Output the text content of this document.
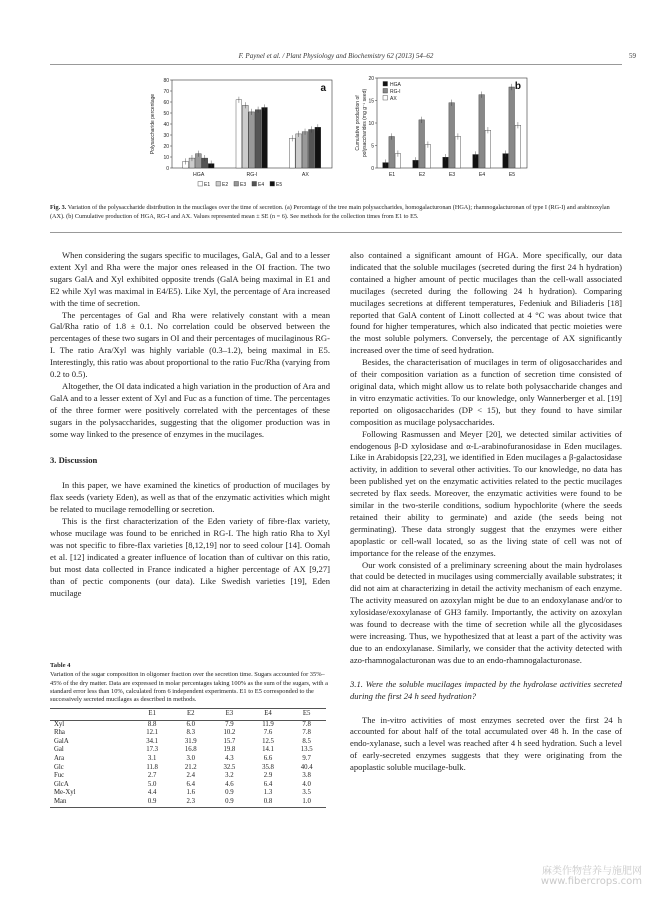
F. Paynel et al. / Plant Physiology and Biochemistry 62 (2013) 54–62	59
0
10
20
30
40
50
60
70
80
Polysaccharide percentage
HGA	RG-I	AX
a
E1 E2 E3 E4 E5
0
5
10
15
20
Cumulative production of polysaccharides (mg g⁻¹ seed)
E1	E2	E3	E4	E5
b
HGA
RG-I
AX
Fig. 3. Variation of the polysaccharide distribution in the mucilages over the time of secretion. (a) Percentage of the tree main polysaccharides, homogalacturonan (HGA); rhamnogalacturonan of type I (RG-I) and arabinoxylan (AX). (b) Cumulative production of HGA, RG-I and AX. Values represented mean ± SE (n = 6). See methods for the collection times from E1 to E5.

When considering the sugars specific to mucilages, GalA, Gal and to a lesser extent Xyl and Rha were the major ones released in the OI fraction. The two sugars GalA and Xyl exhibited opposite trends (GalA being maximal in E1 and E2 while Xyl was maximal in E4/E5). Like Xyl, the percentage of Ara increased with the time of secretion.

The percentages of Gal and Rha were relatively constant with a mean Gal/Rha ratio of 1.8 ± 0.1. No correlation could be observed between the percentages of these two sugars in OI and their percentages of mucilaginous RG-I. The ratio Ara/Xyl was highly variable (0.3–1.2), being maximal in E5. Interestingly, this ratio was about proportional to the ratio Fuc/Rha (varying from 0.2 to 0.5).

Altogether, the OI data indicated a high variation in the production of Ara and GalA and to a lesser extent of Xyl and Fuc as a function of time. The percentages of the three former were positively correlated with the percentages of these sugars in the polysaccharides, suggesting that the oligomer production was in some way linked to the presence of enzymes in the mucilages.

3. Discussion

In this paper, we have examined the kinetics of production of mucilages by flax seeds (variety Eden), as well as that of the enzymatic activities which might be related to mucilage remodelling or secretion.

This is the first characterization of the Eden variety of fibre-flax variety, whose mucilage was found to be enriched in RG-I. The high ratio Rha to Xyl was not specific to fibre-flax varieties [8,12,19] nor to seed colour [14]. Oomah et al. [12] indicated a greater influence of location than of cultivar on this ratio, but most data collected in France indicated a higher percentage of AX [9,27] than of pectic components (our data). Like Swedish varieties [19], Eden mucilage

Table 4
Variation of the sugar composition in oligomer fraction over the secretion time. Sugars accounted for 35%–45% of the dry matter. Data are expressed in molar percentages taking 100% as the sum of the sugars, with a standard error less than 10%, calculated from 6 independent experiments. E1 to E5 corresponded to the successively secreted mucilages as described in methods.
	E1	E2	E3	E4	E5
Xyl	8.8	6.0	7.9	11.9	7.8
Rha	12.1	8.3	10.2	7.6	7.8
GalA	34.1	31.9	15.7	12.5	8.5
Gal	17.3	16.8	19.8	14.1	13.5
Ara	3.1	3.0	4.3	6.6	9.7
Glc	11.8	21.2	32.5	35.8	40.4
Fuc	2.7	2.4	3.2	2.9	3.8
GlcA	5.0	6.4	4.6	6.4	4.0
Me-Xyl	4.4	1.6	0.9	1.3	3.5
Man	0.9	2.3	0.9	0.8	1.0

also contained a significant amount of HGA. More specifically, our data indicated that the soluble mucilages (secreted during the first 24 h hydration) contained a higher amount of pectic mucilages than the cell-wall associated mucilages (secreted during the following 24 h hydration). Comparing mucilages secretions at different temperatures, Fedeniuk and Biliaderis [18] reported that GalA content of Linott collected at 4 °C was about twice that found for higher temperatures, which also indicated that pectic moieties were the most soluble polymers. Conversely, the percentage of AX significantly increased over the time of seed hydration.

Besides, the characterisation of mucilages in term of oligosaccharides and of their composition variation as a function of secretion time consisted of original data, which might allow us to relate both polysaccharide changes and in vitro enzymatic activities. To our knowledge, only Wannerberger et al. [19] reported on oligosaccharides (DP < 15), but they found to have similar composition as mucilage polysaccharides.

Following Rasmussen and Meyer [20], we detected similar activities of endogenous β-D xylosidase and α-L-arabinofuranosidase in Eden mucilages. Like in Arabidopsis [22,23], we identified in Eden mucilages a β-galactosidase activity, in addition to several other activities. To our knowledge, no data has been published yet on the enzymatic activities related to the pectic mucilages secreted by flax seeds. Moreover, the enzymatic activities were found to be similar in the two-sterile conditions, sodium hypochlorite (where the seeds retained their ability to germinate) and azide (the seeds being not germinating). These data strongly suggest that the enzymes were either apoplastic or cell-wall located, so as the living state of cell was not of importance for the release of the enzymes.

Our work consisted of a preliminary screening about the main hydrolases that could be detected in mucilages using commercially available substrates; it did not aim at characterizing in detail the activity mechanism of each enzyme. The activity measured on azoxylan might be due to an endoxylanase and/or to xylosidase/exoxylanase of GH3 family. Importantly, the activity on azoxylan was found to decrease with the time of secretion while all the glycosidases were increasing. Thus, we hypothesized that at least a part of the activity was due to an endoxylanase. Similarly, we consider that the activity detected with azo-rhamnogalacturonan was due to an endo-rhamnogalacturonase.

3.1. Were the soluble mucilages impacted by the hydrolase activities secreted during the first 24 h seed hydration?

The in-vitro activities of most enzymes secreted over the first 24 h accounted for about half of the total accumulated over 48 h. In the case of endo-xylanase, such a level was reached after 4 h seed hydration. Such a level of early-secreted enzymes suggests that they were originating from the apoplastic soluble mucilage-bulk.

麻类作物营养与施肥网
www.fibercrops.com
